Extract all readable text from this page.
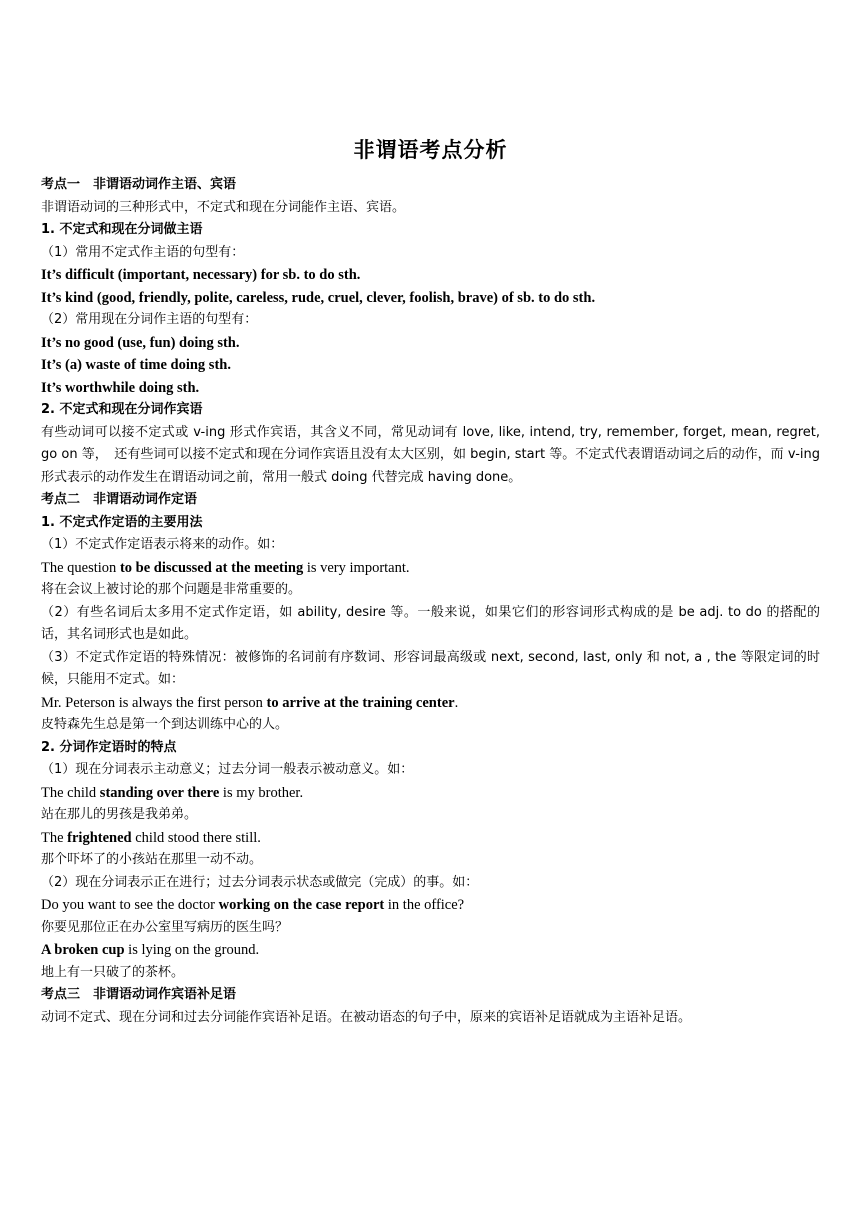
非谓语考点分析
考点一　非谓语动词作主语、宾语
非谓语动词的三种形式中，不定式和现在分词能作主语、宾语。
1. 不定式和现在分词做主语
（1）常用不定式作主语的句型有：
It’s difficult (important, necessary) for sb. to do sth.
It’s kind (good, friendly, polite, careless, rude, cruel, clever, foolish, brave) of sb. to do sth.
（2）常用现在分词作主语的句型有：
It’s no good (use, fun) doing sth.
It’s (a) waste of time doing sth.
It’s worthwhile doing sth.
2. 不定式和现在分词作宾语
有些动词可以接不定式或 v-ing 形式作宾语，其含义不同，常见动词有 love, like, intend, try, remember, forget, mean, regret, go on 等，　还有些词可以接不定式和现在分词作宾语且没有太大区别，如 begin, start 等。不定式代表谓语动词之后的动作，而 v-ing 形式表示的动作发生在谓语动词之前，常用一般式 doing 代替完成 having done。
考点二　非谓语动词作定语
1. 不定式作定语的主要用法
（1）不定式作定语表示将来的动作。如：
The question to be discussed at the meeting is very important.
将在会议上被讨论的那个问题是非常重要的。
（2）有些名词后太多用不定式作定语，如 ability, desire 等。一般来说，如果它们的形容词形式构成的是 be adj. to do 的搭配的话，其名词形式也是如此。
（3）不定式作定语的特殊情况：被修饰的名词前有序数词、形容词最高级或 next, second, last, only 和 not, a , the 等限定词的时候，只能用不定式。如：
Mr. Peterson is always the first person to arrive at the training center.
皮特森先生总是第一个到达训练中心的人。
2. 分词作定语时的特点
（1）现在分词表示主动意义；过去分词一般表示被动意义。如：
The child standing over there is my brother.
站在那儿的男孩是我弟弟。
The frightened child stood there still.
那个吓坏了的小孩站在那里一动不动。
（2）现在分词表示正在进行；过去分词表示状态或做完（完成）的事。如：
Do you want to see the doctor working on the case report in the office?
你要见那位正在办公室里写病历的医生吗？
A broken cup is lying on the ground.
地上有一只破了的茶杯。
考点三　非谓语动词作宾语补足语
动词不定式、现在分词和过去分词能作宾语补足语。在被动语态的句子中，原来的宾语补足语就成为主语补足语。
